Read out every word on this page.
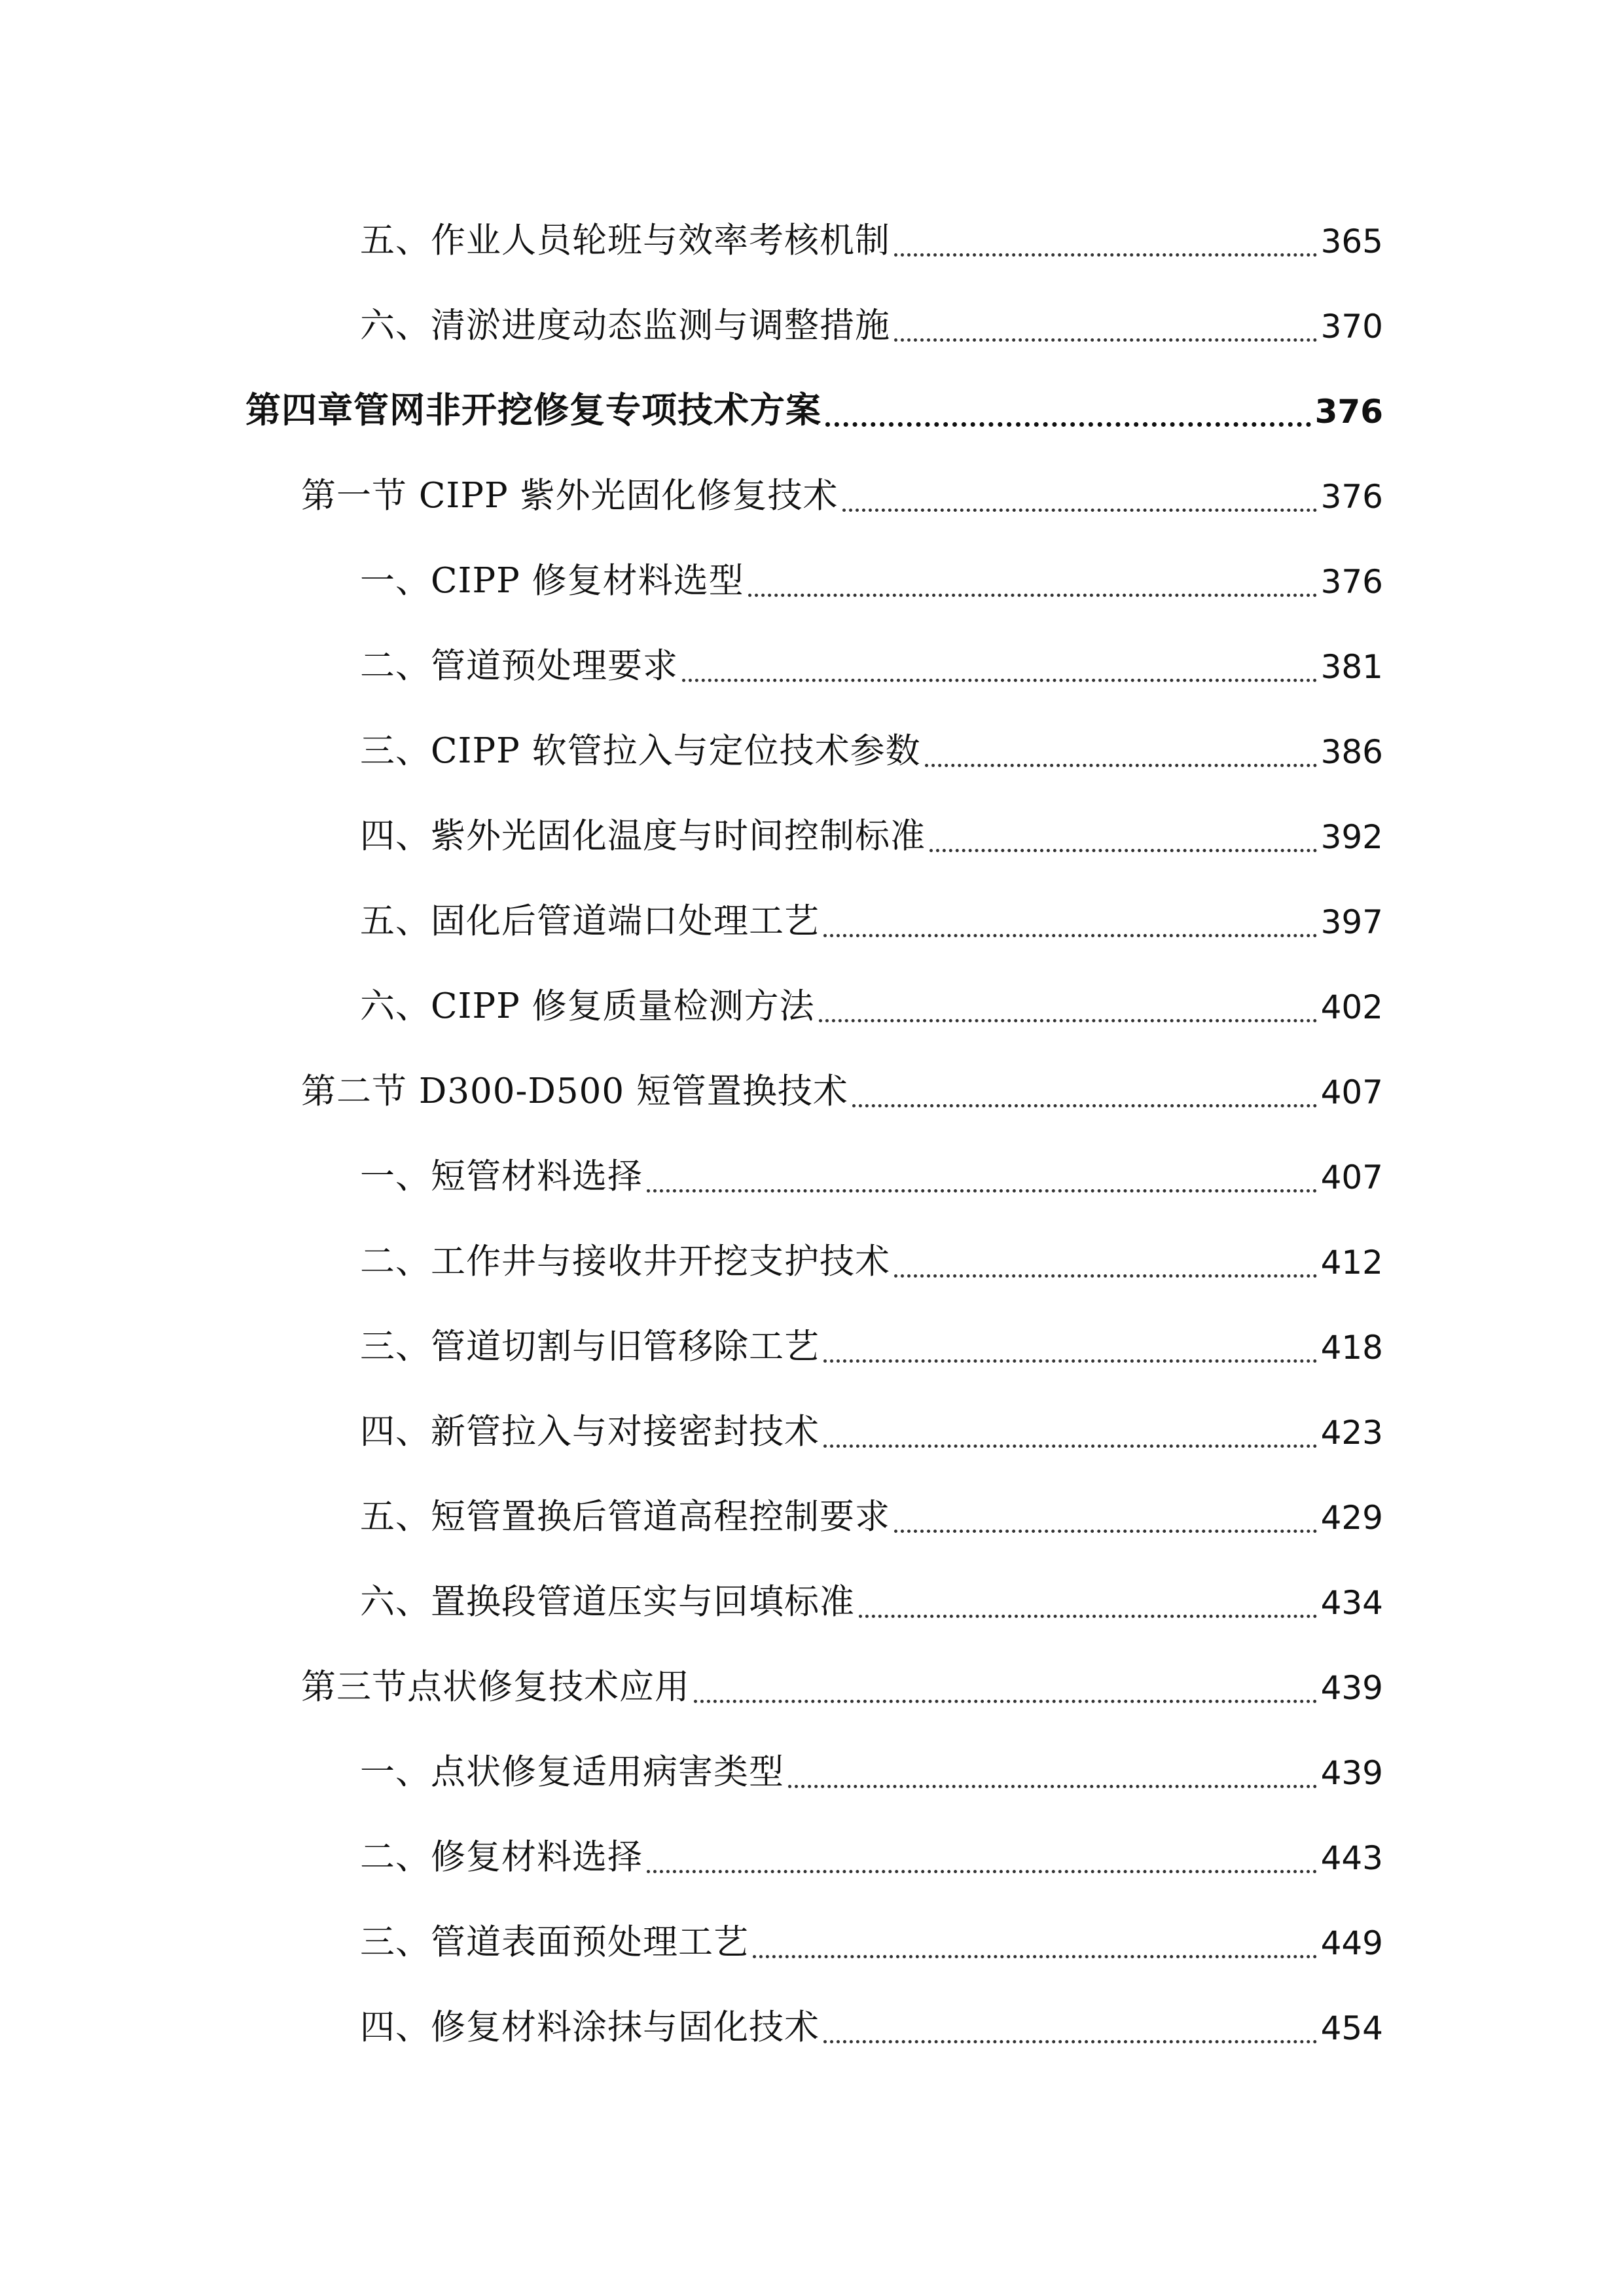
五、作业人员轮班与效率考核机制	365
六、清淤进度动态监测与调整措施	370
第四章管网非开挖修复专项技术方案	376
第一节 CIPP 紫外光固化修复技术	376
一、CIPP 修复材料选型	376
二、管道预处理要求	381
三、CIPP 软管拉入与定位技术参数	386
四、紫外光固化温度与时间控制标准	392
五、固化后管道端口处理工艺	397
六、CIPP 修复质量检测方法	402
第二节 D300-D500 短管置换技术	407
一、短管材料选择	407
二、工作井与接收井开挖支护技术	412
三、管道切割与旧管移除工艺	418
四、新管拉入与对接密封技术	423
五、短管置换后管道高程控制要求	429
六、置换段管道压实与回填标准	434
第三节点状修复技术应用	439
一、点状修复适用病害类型	439
二、修复材料选择	443
三、管道表面预处理工艺	449
四、修复材料涂抹与固化技术	454
